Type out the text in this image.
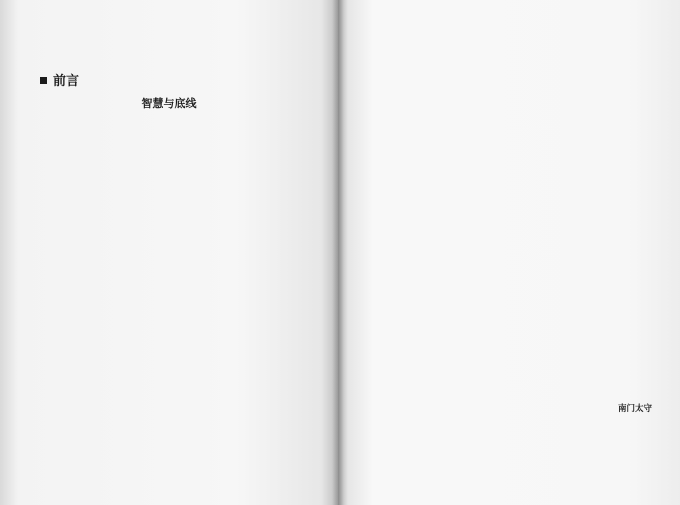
前言
智慧与底线

南门太守
